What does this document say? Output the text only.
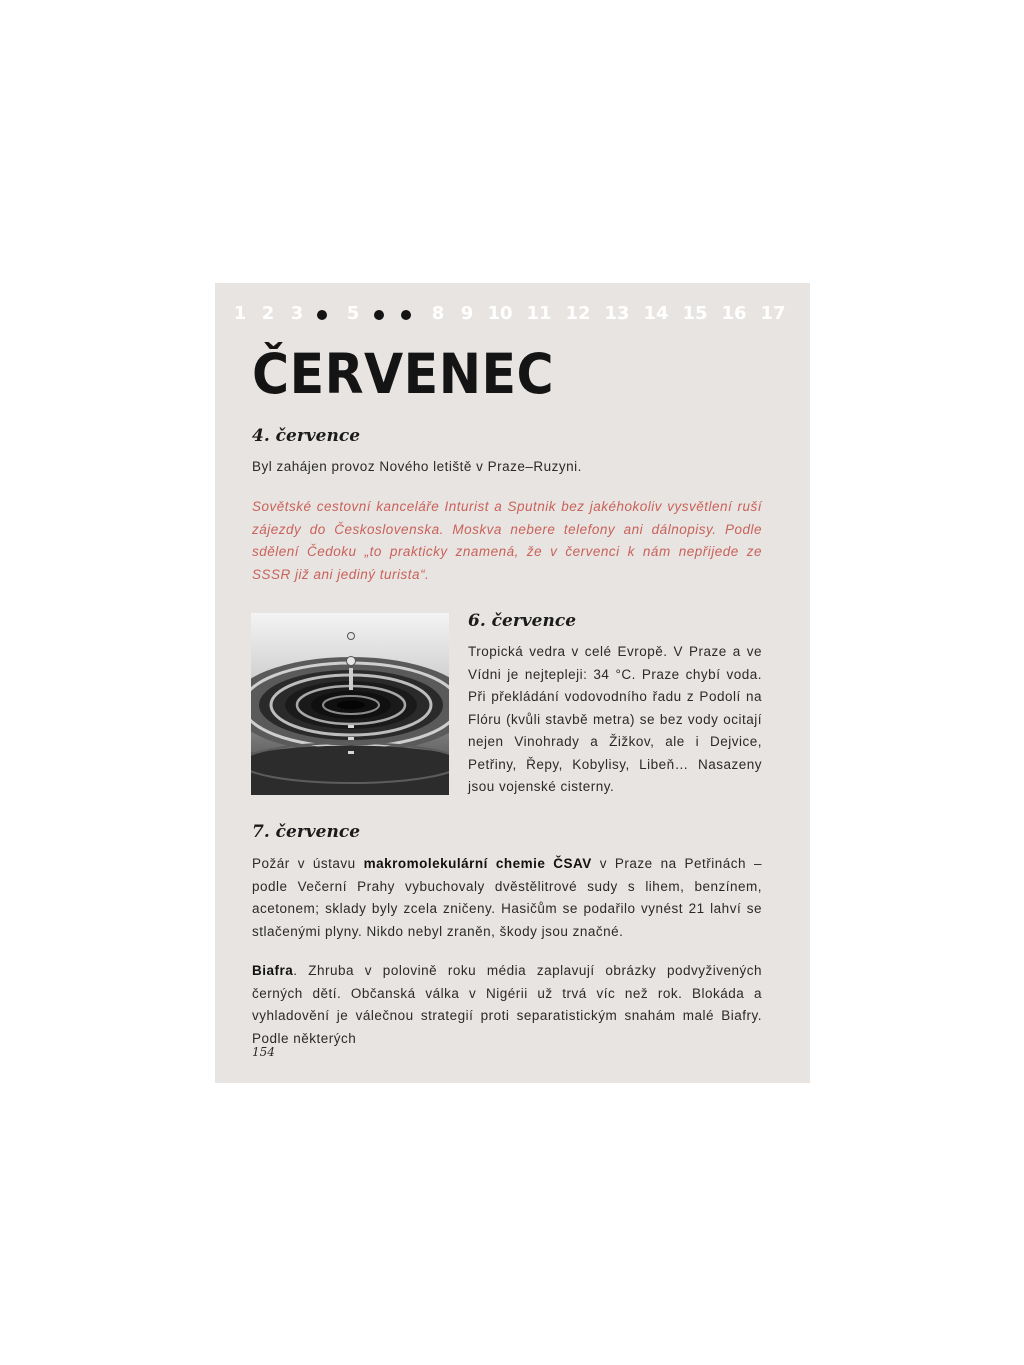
1 2 3 5	8 9 10 11 12 13 14 15 16 17
ČERVENEC
4. července

Byl zahájen provoz Nového letiště v Praze–Ruzyni.

Sovětské cestovní kanceláře Inturist a Sputnik bez jakéhokoliv vysvětlení ruší zájezdy do Československa. Moskva nebere telefony ani dálnopisy. Podle sdělení Čedoku „to prakticky znamená, že v červenci k nám nepřijede ze SSSR již ani jediný turista“.

6. července

Tropická vedra v celé Evropě. V Praze a ve Vídni je nejtepleji: 34 °C. Praze chybí voda. Při překládání vodovodního řadu z Podolí na Flóru (kvůli stavbě metra) se bez vody ocitají nejen Vinohrady a Žižkov, ale i Dejvice, Petřiny, Řepy, Kobylisy, Libeň… Nasazeny jsou vojenské cisterny.

7. července

Požár v ústavu makromolekulární chemie ČSAV v Praze na Petřinách – podle Večerní Prahy vybuchovaly dvěstělitrové sudy s lihem, benzínem, acetonem; sklady byly zcela zničeny. Hasičům se podařilo vynést 21 lahví se stlačenými plyny. Nikdo nebyl zraněn, škody jsou značné.

Biafra. Zhruba v polovině roku média zaplavují obrázky podvyživených černých dětí. Občanská válka v Nigérii už trvá víc než rok. Blokáda a vyhladovění je válečnou strategií proti separatistickým snahám malé Biafry. Podle některých

154
